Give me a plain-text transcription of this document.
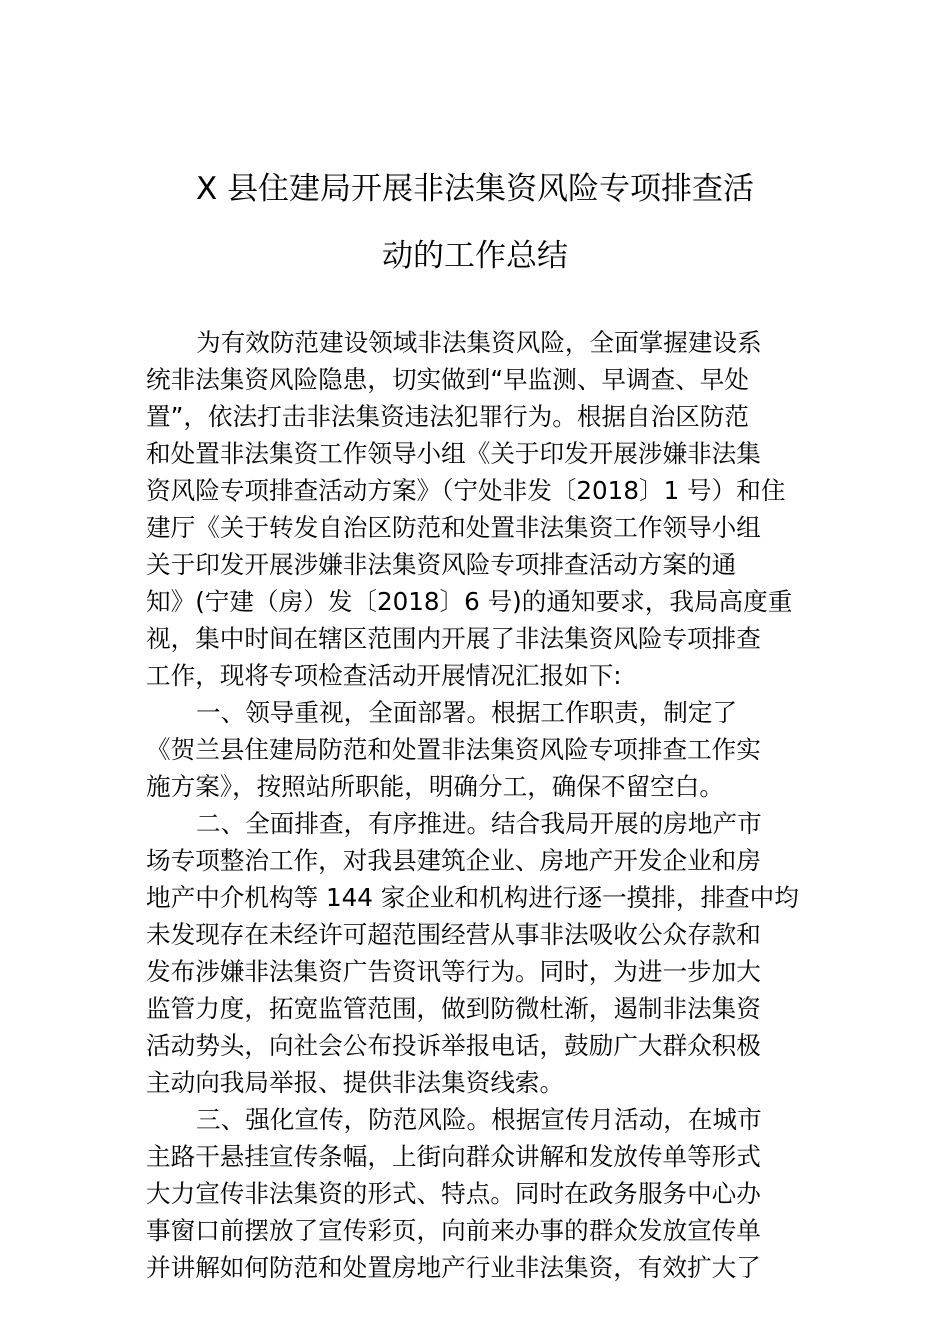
X 县住建局开展非法集资风险专项排查活
动的工作总结
为有效防范建设领域非法集资风险，全面掌握建设系
统非法集资风险隐患，切实做到“早监测、早调查、早处
置”，依法打击非法集资违法犯罪行为。根据自治区防范
和处置非法集资工作领导小组《关于印发开展涉嫌非法集
资风险专项排查活动方案》（宁处非发〔2018〕1 号）和住
建厅《关于转发自治区防范和处置非法集资工作领导小组
关于印发开展涉嫌非法集资风险专项排查活动方案的通
知》(宁建（房）发〔2018〕6 号)的通知要求，我局高度重
视，集中时间在辖区范围内开展了非法集资风险专项排查
工作，现将专项检查活动开展情况汇报如下:
一、领导重视，全面部署。根据工作职责，制定了
《贺兰县住建局防范和处置非法集资风险专项排查工作实
施方案》，按照站所职能，明确分工，确保不留空白。
二、全面排查，有序推进。结合我局开展的房地产市
场专项整治工作，对我县建筑企业、房地产开发企业和房
地产中介机构等 144 家企业和机构进行逐一摸排，排查中均
未发现存在未经许可超范围经营从事非法吸收公众存款和
发布涉嫌非法集资广告资讯等行为。同时，为进一步加大
监管力度，拓宽监管范围，做到防微杜渐，遏制非法集资
活动势头，向社会公布投诉举报电话，鼓励广大群众积极
主动向我局举报、提供非法集资线索。
三、强化宣传，防范风险。根据宣传月活动，在城市
主路干悬挂宣传条幅，上街向群众讲解和发放传单等形式
大力宣传非法集资的形式、特点。同时在政务服务中心办
事窗口前摆放了宣传彩页，向前来办事的群众发放宣传单
并讲解如何防范和处置房地产行业非法集资，有效扩大了
